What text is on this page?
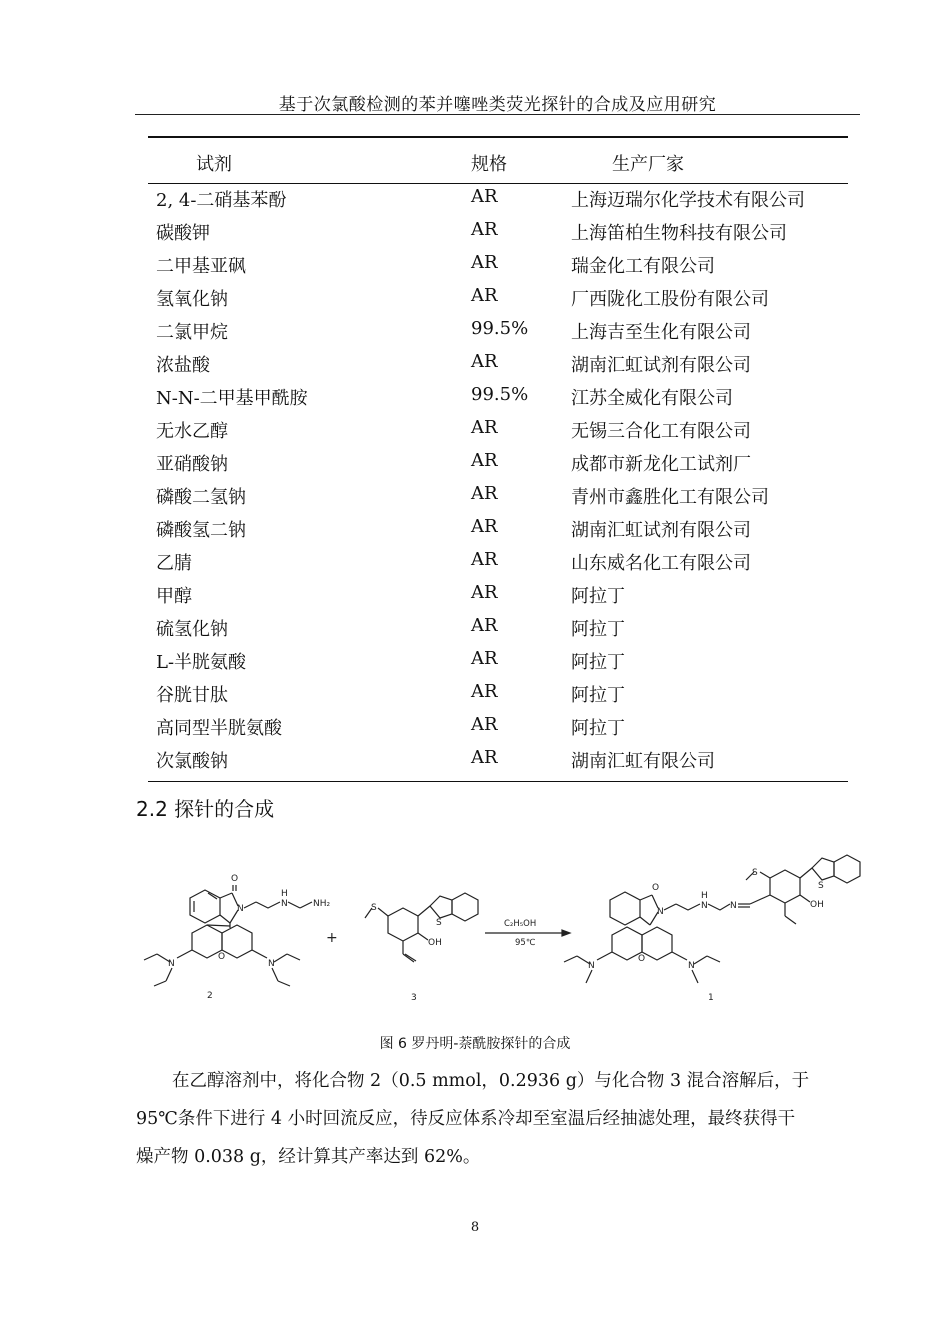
基于次氯酸检测的苯并噻唑类荧光探针的合成及应用研究
试剂	规格	生产厂家
2, 4-二硝基苯酚	AR	上海迈瑞尔化学技术有限公司
碳酸钾	AR	上海笛柏生物科技有限公司
二甲基亚砜	AR	瑞金化工有限公司
氢氧化钠	AR	厂西陇化工股份有限公司
二氯甲烷	99.5% 上海吉至生化有限公司
浓盐酸	AR	湖南汇虹试剂有限公司
N-N-二甲基甲酰胺	99.5% 江苏全威化有限公司
无水乙醇	AR	无锡三合化工有限公司
亚硝酸钠	AR	成都市新龙化工试剂厂
磷酸二氢钠	AR	青州市鑫胜化工有限公司
磷酸氢二钠	AR	湖南汇虹试剂有限公司
乙腈	AR	山东威名化工有限公司
甲醇	AR	阿拉丁
硫氢化钠	AR	阿拉丁
L-半胱氨酸	AR	阿拉丁
谷胱甘肽	AR	阿拉丁
高同型半胱氨酸	AR	阿拉丁
次氯酸钠	AR	湖南汇虹有限公司
2.2 探针的合成
O
N	N
H
NH₂
O
N	N
+
S
S
OH
C₂H₅OH
95℃
O
N
N
H
N
S
S
OH
O
N	N
2	3	1
图 6 罗丹明-萘酰胺探针的合成
在乙醇溶剂中，将化合物 2（0.5 mmol，0.2936 g）与化合物 3 混合溶解后，于
95℃条件下进行 4 小时回流反应，待反应体系冷却至室温后经抽滤处理，最终获得干
燥产物 0.038 g，经计算其产率达到 62%。
8
